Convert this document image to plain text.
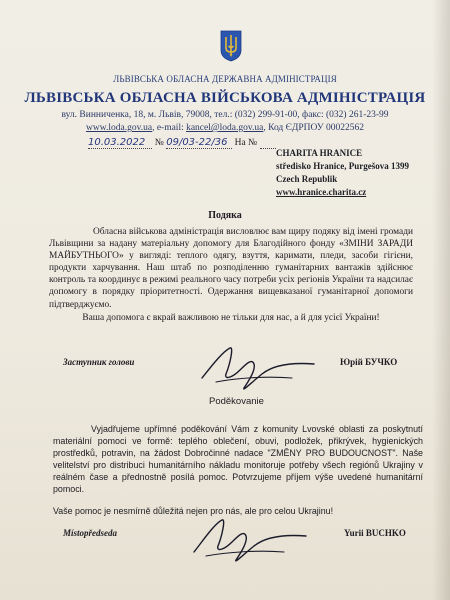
ЛЬВІВСЬКА ОБЛАСНА ДЕРЖАВНА АДМІНІСТРАЦІЯ
ЛЬВІВСЬКА ОБЛАСНА ВІЙСЬКОВА АДМІНІСТРАЦІЯ
вул. Винниченка, 18, м. Львів, 79008, тел.: (032) 299-91-00, факс: (032) 261-23-99
www.loda.gov.ua, e-mail: kancel@loda.gov.ua, Код ЄДРПОУ 00022562
10.03.2022 № 09/03-22/36 На №
CHARITA HRANICE
středisko Hranice, Purgešova 1399
Czech Republik
www.hranice.charita.cz
Подяка
Обласна військова адміністрація висловлює вам щиру подяку від імені громади Львівщини за надану матеріальну допомогу для Благодійного фонду «ЗМІНИ ЗАРАДИ МАЙБУТНЬОГО» у вигляді: теплого одягу, взуття, каримати, пледи, засоби гігієни, продукти харчування. Наш штаб по розподіленню гуманітарних вантажів здійснює контроль та координує в режимі реального часу потреби усіх регіонів України та надсилає допомогу в порядку пріоритетності. Одержання вищевказаної гуманітарної допомоги підтверджуємо.
Ваша допомога є вкрай важливою не тільки для нас, а й для усієї України!
Заступник голови	Юрій БУЧКО
Poděkovanie
Vyjadřujeme upřímné poděkování Vám z komunity Lvovské oblasti za poskytnutí materiální pomoci ve formě: teplého oblečení, obuvi, podložek, přikrývek, hygienických prostředků, potravin, na žádost Dobročinné nadace "ZMĚNY PRO BUDOUCNOST". Naše velitelství pro distribuci humanitárního nákladu monitoruje potřeby všech regiónů Ukrajiny v reálném čase a přednostně posílá pomoc. Potvrzujeme příjem výše uvedené humanitární pomoci.
Vaše pomoc je nesmírně důležitá nejen pro nás, ale pro celou Ukrajinu!
Místopředseda	Yurii BUCHKO
